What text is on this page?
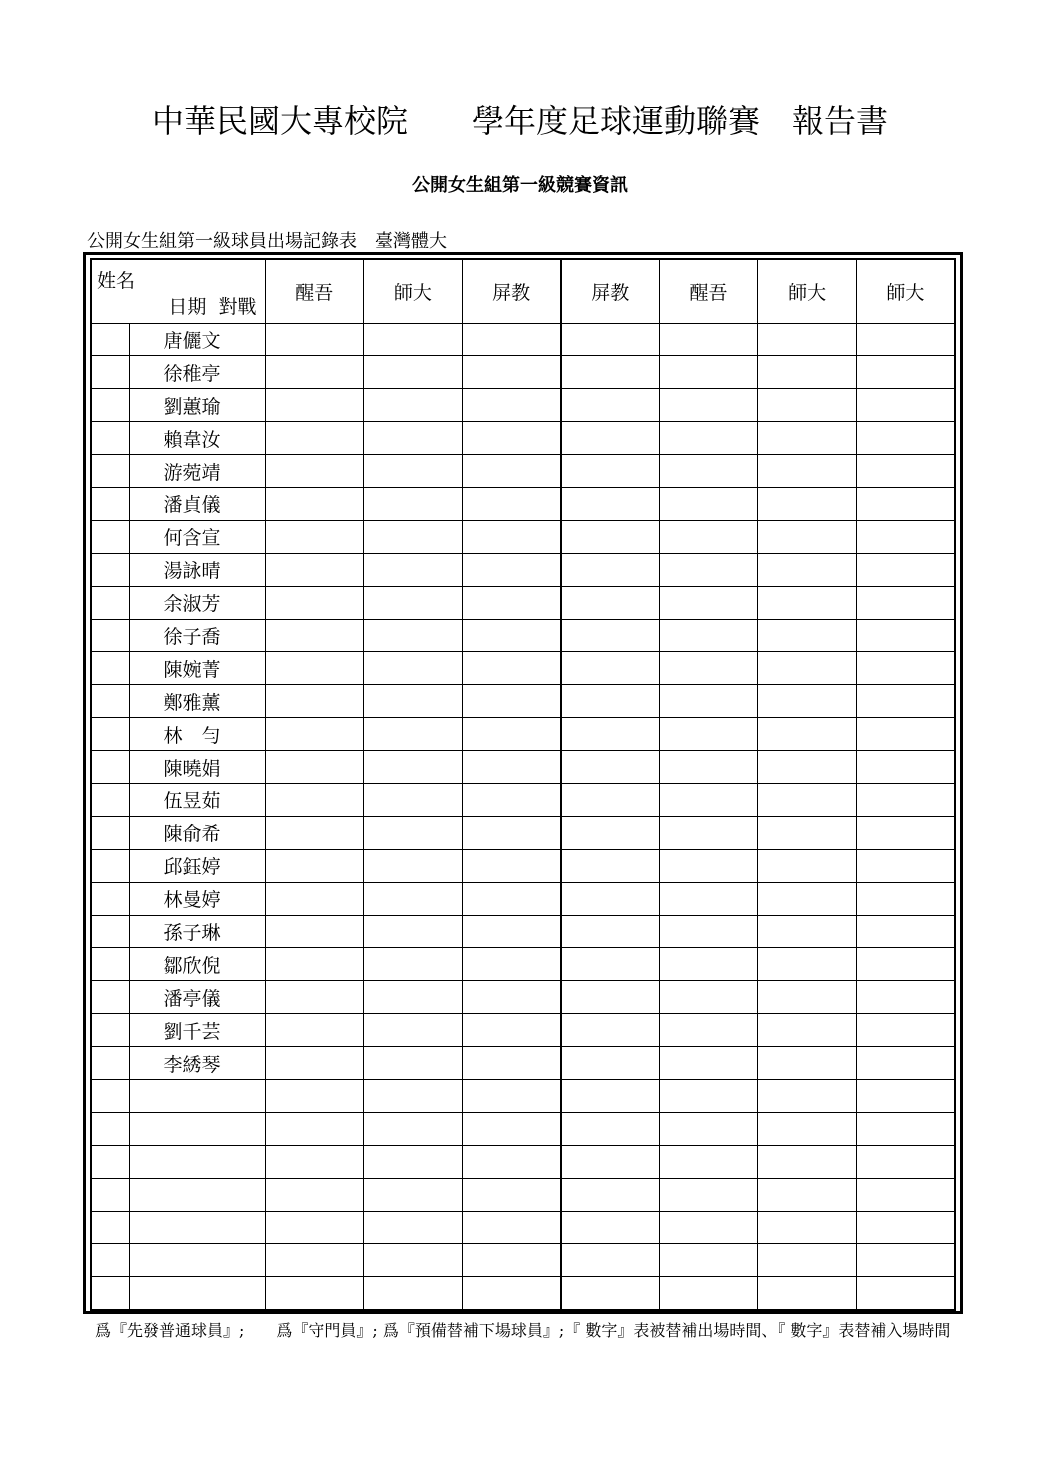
中華民國大專校院　　學年度足球運動聯賽　報告書
公開女生組第一級競賽資訊
公開女生組第一級球員出場記錄表　臺灣體大
姓名
日期  對戰		醒吾	師大	屏教	屏教	醒吾	師大	師大
	唐儷文							
	徐稚亭							
	劉蕙瑜							
	賴韋汝							
	游菀靖							
	潘貞儀							
	何含宣							
	湯詠晴							
	余淑芳							
	徐子喬							
	陳婉菁							
	鄭雅薰							
	林　勻							
	陳曉娟							
	伍昱茹							
	陳俞希							
	邱鈺婷							
	林曼婷							
	孫子琳							
	鄒欣倪							
	潘亭儀							
	劉千芸							
	李綉琴							

爲『先發普通球員』;　　爲『守門員』; 爲『預備替補下場球員』;『 數字』表被替補出場時間、『 數字』表替補入場時間
